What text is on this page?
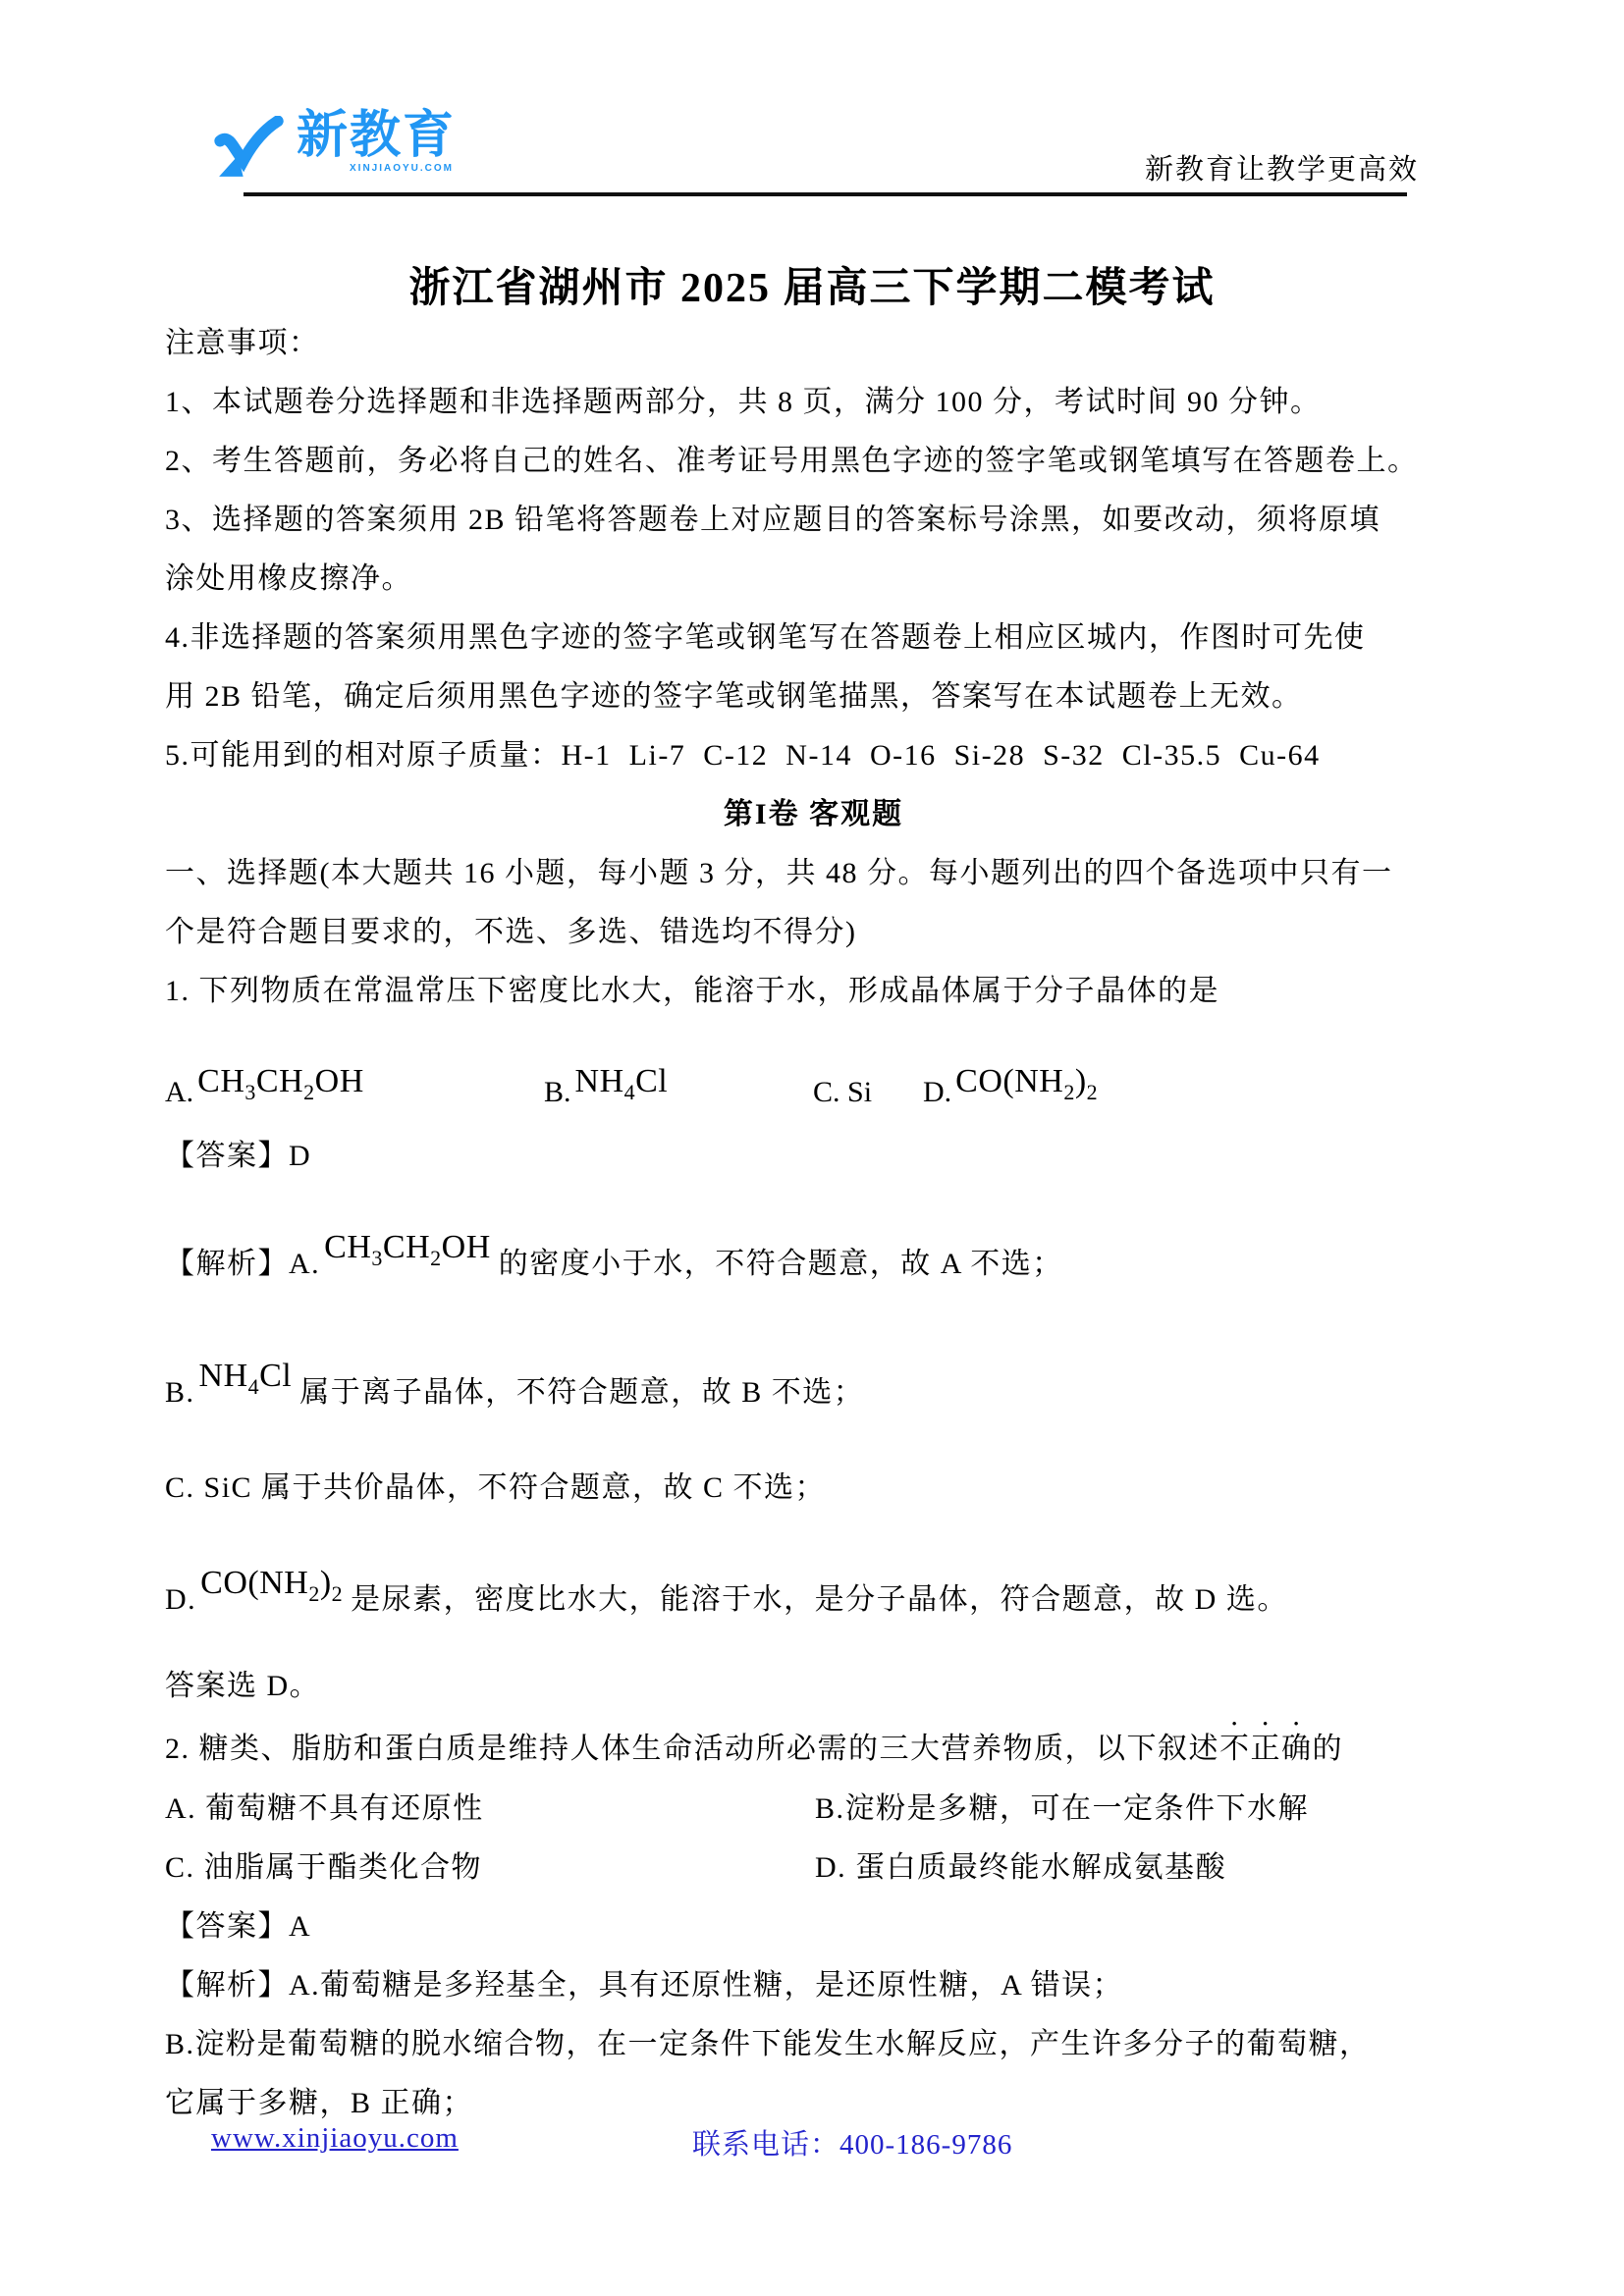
新教育
XINJIAOYU.COM	新教育让教学更高效
浙江省湖州市 2025 届高三下学期二模考试

注意事项：

1、本试题卷分选择题和非选择题两部分，共 8 页，满分 100 分，考试时间 90 分钟。

2、考生答题前，务必将自己的姓名、准考证号用黑色字迹的签字笔或钢笔填写在答题卷上。

3、选择题的答案须用 2B 铅笔将答题卷上对应题目的答案标号涂黑，如要改动，须将原填

涂处用橡皮擦净。

4.非选择题的答案须用黑色字迹的签字笔或钢笔写在答题卷上相应区城内，作图时可先使

用 2B 铅笔，确定后须用黑色字迹的签字笔或钢笔描黑，答案写在本试题卷上无效。

5.可能用到的相对原子质量：H-1  Li-7  C-12  N-14  O-16  Si-28  S-32  Cl-35.5  Cu-64

第I卷 客观题

一、选择题(本大题共 16 小题，每小题 3 分，共 48 分。每小题列出的四个备选项中只有一

个是符合题目要求的，不选、多选、错选均不得分)

1. 下列物质在常温常压下密度比水大，能溶于水，形成晶体属于分子晶体的是

A. $CH_3CH_2OH$	B. $NH_4Cl$	C. Si D. $CO(NH_2)_2$

【答案】D

【解析】A. $CH_3CH_2OH$ 的密度小于水，不符合题意，故 A 不选；

B. $NH_4Cl$ 属于离子晶体，不符合题意，故 B 不选；

C. SiC 属于共价晶体，不符合题意，故 C 不选；

D. $CO(NH_2)_2$ 是尿素，密度比水大，能溶于水，是分子晶体，符合题意，故 D 选。

答案选 D。

2. 糖类、脂肪和蛋白质是维持人体生命活动所必需的三大营养物质，以下叙述不正确的

A. 葡萄糖不具有还原性	B.淀粉是多糖，可在一定条件下水解
C. 油脂属于酯类化合物	D. 蛋白质最终能水解成氨基酸

【答案】A

【解析】A.葡萄糖是多羟基全，具有还原性糖，是还原性糖，A 错误；

B.淀粉是葡萄糖的脱水缩合物，在一定条件下能发生水解反应，产生许多分子的葡萄糖，

它属于多糖，B 正确；

www.xinjiaoyu.com	联系电话：400-186-9786
